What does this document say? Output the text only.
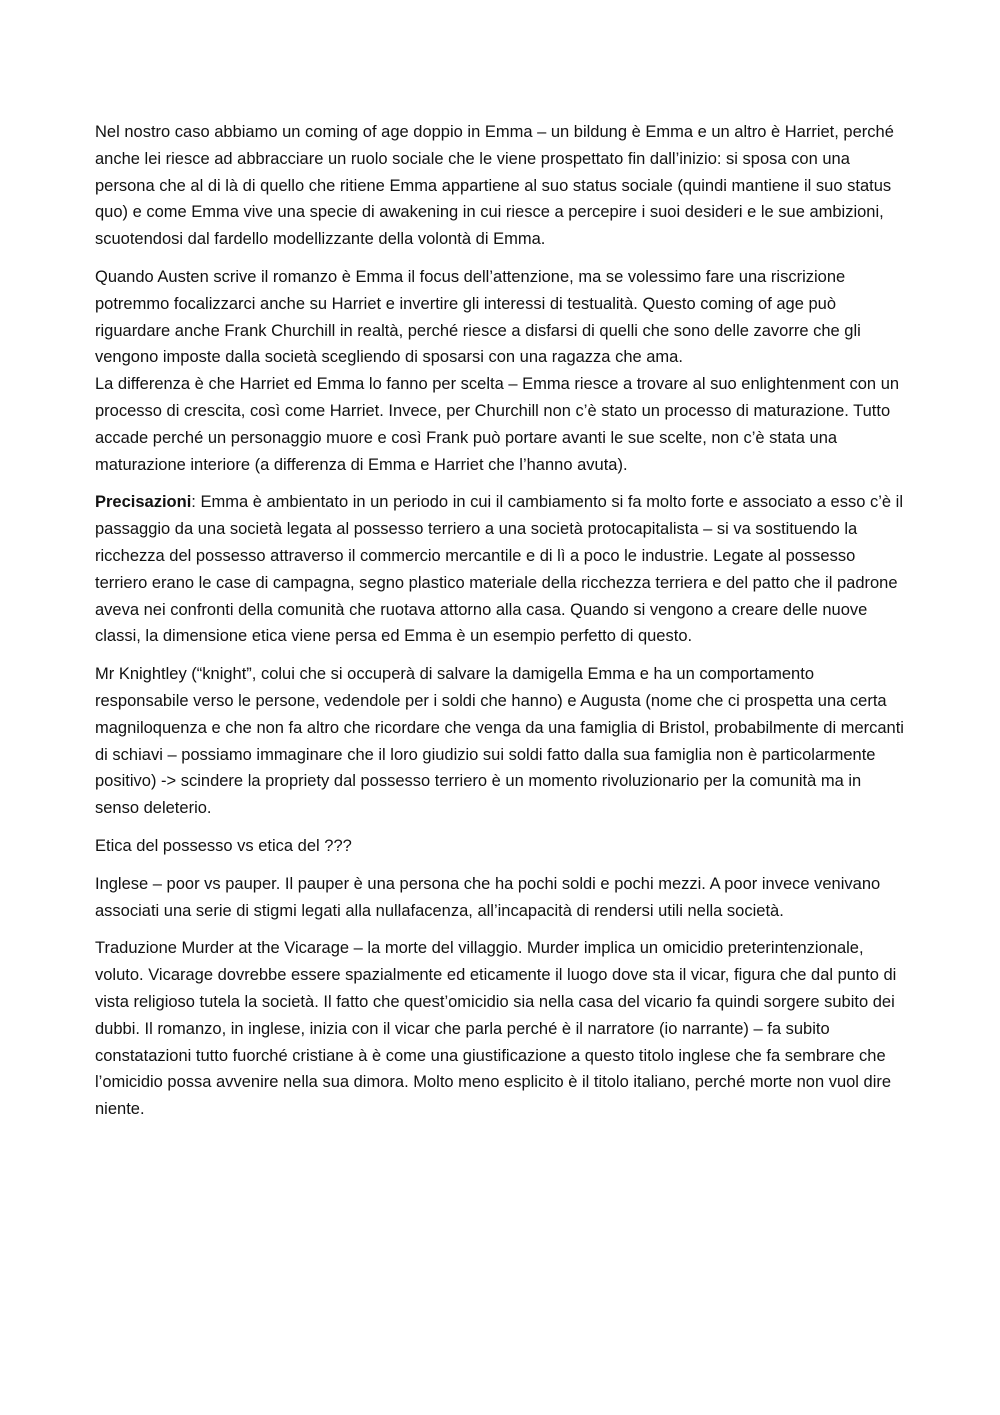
Nel nostro caso abbiamo un coming of age doppio in Emma – un bildung è Emma e un altro è Harriet, perché anche lei riesce ad abbracciare un ruolo sociale che le viene prospettato fin dall’inizio: si sposa con una persona che al di là di quello che ritiene Emma appartiene al suo status sociale (quindi mantiene il suo status quo) e come Emma vive una specie di awakening in cui riesce a percepire i suoi desideri e le sue ambizioni, scuotendosi dal fardello modellizzante della volontà di Emma.

Quando Austen scrive il romanzo è Emma il focus dell’attenzione, ma se volessimo fare una riscrizione potremmo focalizzarci anche su Harriet e invertire gli interessi di testualità. Questo coming of age può riguardare anche Frank Churchill in realtà, perché riesce a disfarsi di quelli che sono delle zavorre che gli vengono imposte dalla società scegliendo di sposarsi con una ragazza che ama.

La differenza è che Harriet ed Emma lo fanno per scelta – Emma riesce a trovare al suo enlightenment con un processo di crescita, così come Harriet. Invece, per Churchill non c’è stato un processo di maturazione. Tutto accade perché un personaggio muore e così Frank può portare avanti le sue scelte, non c’è stata una maturazione interiore (a differenza di Emma e Harriet che l’hanno avuta).

Precisazioni: Emma è ambientato in un periodo in cui il cambiamento si fa molto forte e associato a esso c’è il passaggio da una società legata al possesso terriero a una società protocapitalista – si va sostituendo la ricchezza del possesso attraverso il commercio mercantile e di lì a poco le industrie. Legate al possesso terriero erano le case di campagna, segno plastico materiale della ricchezza terriera e del patto che il padrone aveva nei confronti della comunità che ruotava attorno alla casa. Quando si vengono a creare delle nuove classi, la dimensione etica viene persa ed Emma è un esempio perfetto di questo.

Mr Knightley (“knight”, colui che si occuperà di salvare la damigella Emma e ha un comportamento responsabile verso le persone, vedendole per i soldi che hanno) e Augusta (nome che ci prospetta una certa magniloquenza e che non fa altro che ricordare che venga da una famiglia di Bristol, probabilmente di mercanti di schiavi – possiamo immaginare che il loro giudizio sui soldi fatto dalla sua famiglia non è particolarmente positivo) -> scindere la propriety dal possesso terriero è un momento rivoluzionario per la comunità ma in senso deleterio.

Etica del possesso vs etica del ???

Inglese – poor vs pauper. Il pauper è una persona che ha pochi soldi e pochi mezzi. A poor invece venivano associati una serie di stigmi legati alla nullafacenza, all’incapacità di rendersi utili nella società.

Traduzione Murder at the Vicarage – la morte del villaggio. Murder implica un omicidio preterintenzionale, voluto. Vicarage dovrebbe essere spazialmente ed eticamente il luogo dove sta il vicar, figura che dal punto di vista religioso tutela la società. Il fatto che quest’omicidio sia nella casa del vicario fa quindi sorgere subito dei dubbi. Il romanzo, in inglese, inizia con il vicar che parla perché è il narratore (io narrante) – fa subito constatazioni tutto fuorché cristiane à è come una giustificazione a questo titolo inglese che fa sembrare che l’omicidio possa avvenire nella sua dimora. Molto meno esplicito è il titolo italiano, perché morte non vuol dire niente.
